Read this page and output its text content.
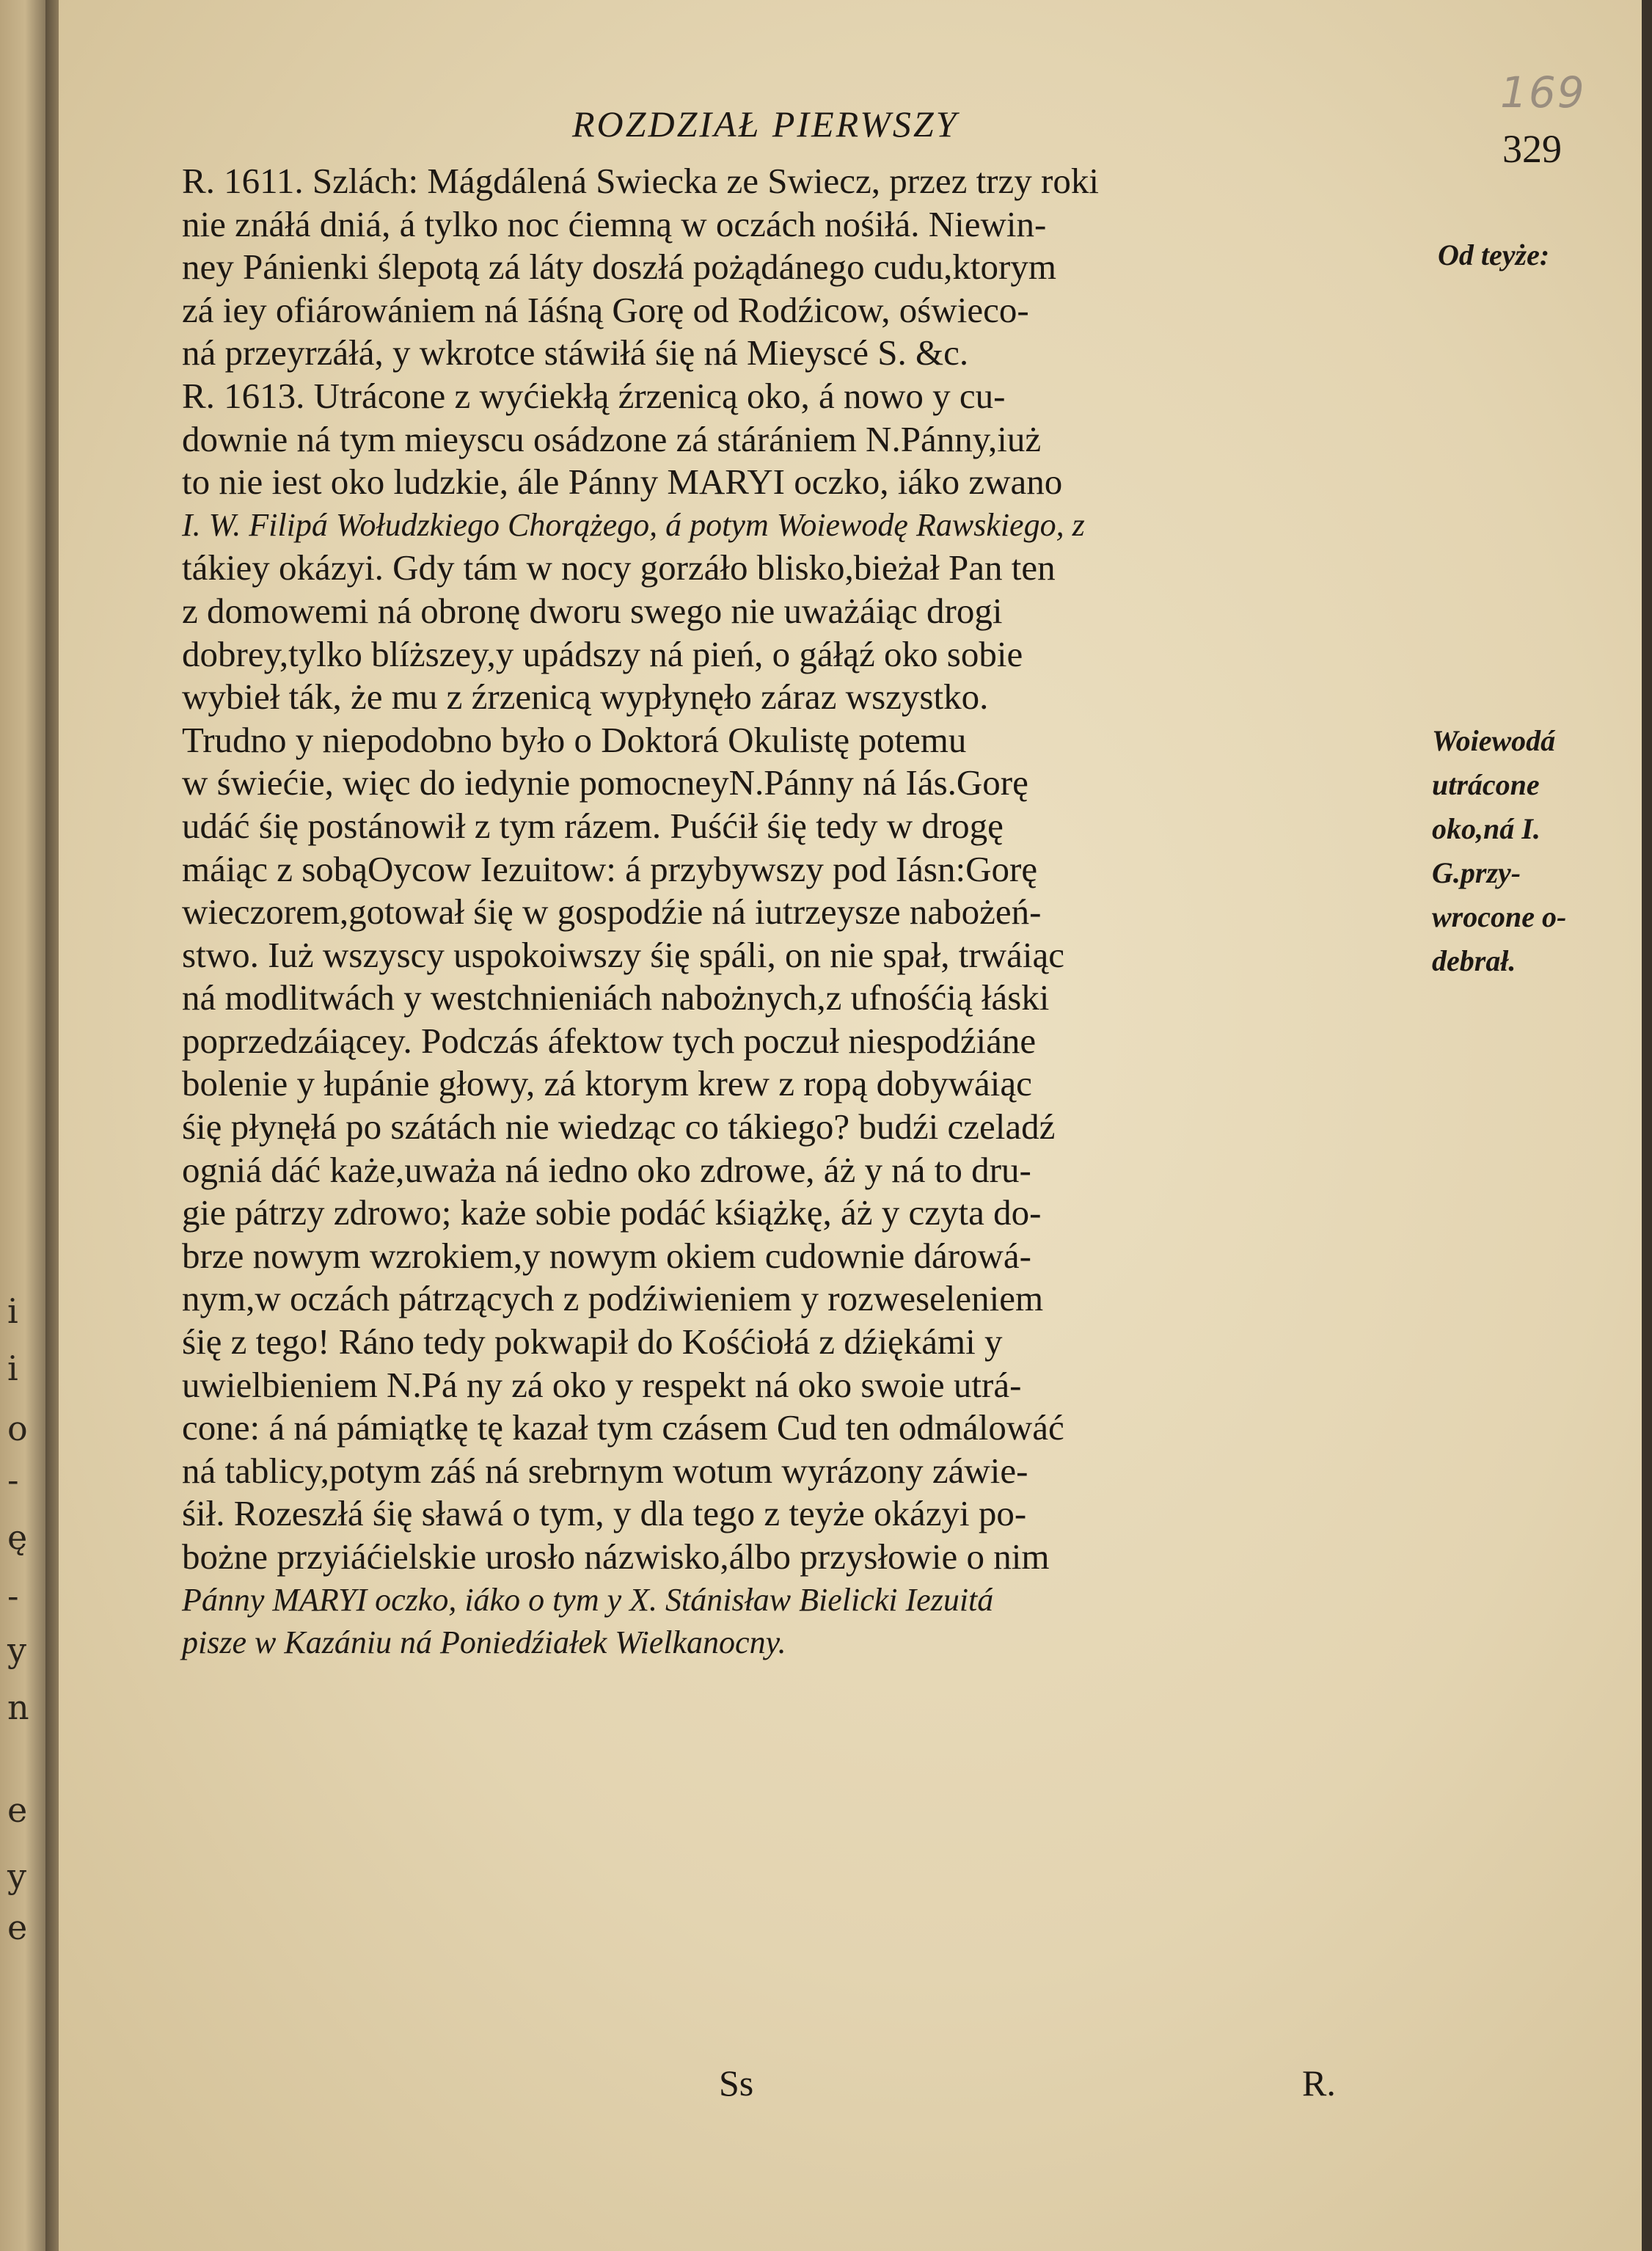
i
i
o
-
ę
-
y
n
e
y
e
169
ROZDZIAŁ PIERWSZY
329
R. 1611. Szlách: Mágdálená Swiecka ze Swiecz, przez trzy roki
nie znáłá dniá, á tylko noc ćiemną w oczách nośiłá. Niewin-
ney Pánienki ślepotą zá láty doszłá pożądánego cudu,ktorym
zá iey ofiárowániem ná Iáśną Gorę od Rodźicow, oświeco-
ná przeyrzáłá, y wkrotce stáwiłá śię ná Mieyscé S. &c.
R. 1613. Utrácone z wyćiekłą źrzenicą oko, á nowo y cu-
downie ná tym mieyscu osádzone zá stárániem N.Pánny,iuż
to nie iest oko ludzkie, ále Pánny MARYI oczko, iáko zwano
I. W. Filipá Wołudzkiego Chorążego, á potym Woiewodę Rawskiego, z
tákiey okázyi. Gdy tám w nocy gorzáło blisko,bieżał Pan ten
z domowemi ná obronę dworu swego nie uważáiąc drogi
dobrey,tylko blíższey,y upádszy ná pień, o gáłąź oko sobie
wybieł ták, że mu z źrzenicą wypłynęło záraz wszystko.
Trudno y niepodobno było o Doktorá Okulistę potemu
w świećie, więc do iedynie pomocneyN.Pánny ná Iás.Gorę
udáć śię postánowił z tym rázem. Puśćił śię tedy w drogę
máiąc z sobąOycow Iezuitow: á przybywszy pod Iásn:Gorę
wieczorem,gotował śię w gospodźie ná iutrzeysze nabożeń-
stwo. Iuż wszyscy uspokoiwszy śię spáli, on nie spał, trwáiąc
ná modlitwách y westchnieniách nabożnych,z ufnośćią łáski
poprzedzáiącey. Podczás áfektow tych poczuł niespodźiáne
bolenie y łupánie głowy, zá ktorym krew z ropą dobywáiąc
śię płynęłá po szátách nie wiedząc co tákiego? budźi czeladź
ogniá dáć każe,uważa ná iedno oko zdrowe, áż y ná to dru-
gie pátrzy zdrowo; każe sobie podáć kśiążkę, áż y czyta do-
brze nowym wzrokiem,y nowym okiem cudownie dárowá-
nym,w oczách pátrzących z podźiwieniem y rozweseleniem
śię z tego! Ráno tedy pokwapił do Kośćiołá z dźiękámi y
uwielbieniem N.Pá ny zá oko y respekt ná oko swoie utrá-
cone: á ná pámiątkę tę kazał tym czásem Cud ten odmálowáć
ná tablicy,potym záś ná srebrnym wotum wyrázony záwie-
śił. Rozeszłá śię sławá o tym, y dla tego z teyże okázyi po-
bożne przyiáćielskie urosło názwisko,álbo przysłowie o nim
Pánny MARYI oczko, iáko o tym y X. Stánisław Bielicki Iezuitá
pisze w Kazániu ná Poniedźiałek Wielkanocny.
Od teyże:
Woiewodá
utrácone
oko,ná I.
G.przy-
wrocone o-
debrał.
Ss	R.
